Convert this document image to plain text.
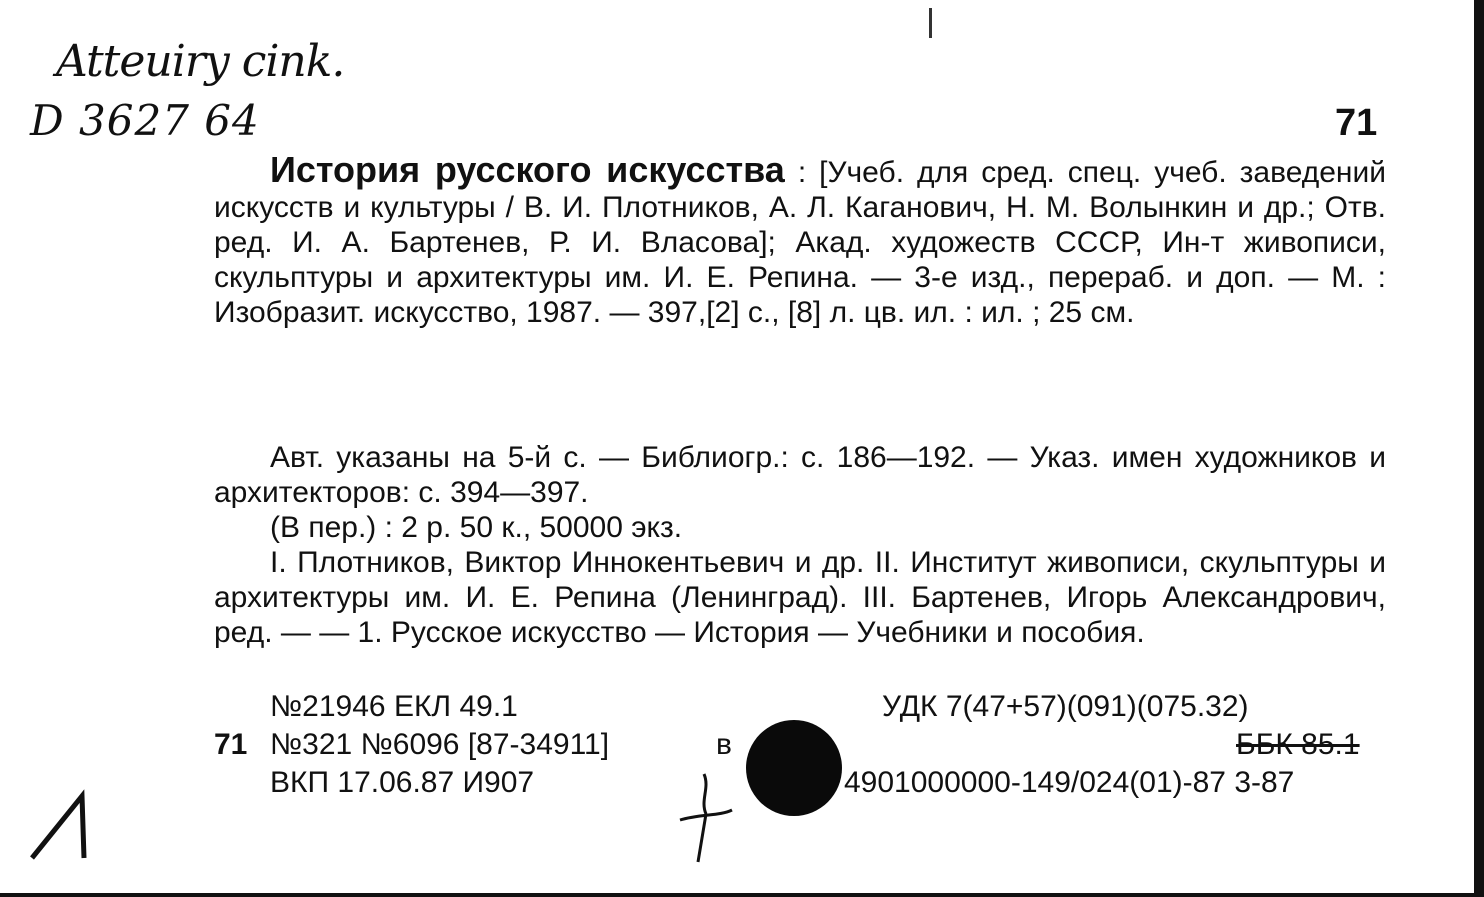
Atteuiry cink.
D 3627 64	71

История русского искусства : [Учеб. для сред. спец. учеб. заведений искусств и культуры / В. И. Плотников, А. Л. Каганович, Н. М. Волынкин и др.; Отв. ред. И. А. Бартенев, Р. И. Власова]; Акад. художеств СССР, Ин-т живописи, скульптуры и архитектуры им. И. Е. Репина. — 3-е изд., перераб. и доп. — М. : Изобразит. искусство, 1987. — 397,[2] с., [8] л. цв. ил. : ил. ; 25 см.

Авт. указаны на 5-й с. — Библиогр.: с. 186—192. — Указ. имен художников и архитекторов: с. 394—397.

(В пер.) : 2 р. 50 к., 50000 экз.

I. Плотников, Виктор Иннокентьевич и др. II. Институт живописи, скульптуры и архитектуры им. И. Е. Репина (Ленинград). III. Бартенев, Игорь Александрович, ред. — — 1. Русское искусство — История — Учебники и пособия.

№21946 ЕКЛ 49.1	УДК 7(47+57)(091)(075.32)
71 №321 №6096 [87-34911]	в	ББК 85.1
ВКП 17.06.87 И907	4901000000-149/024(01)-87 3-87
